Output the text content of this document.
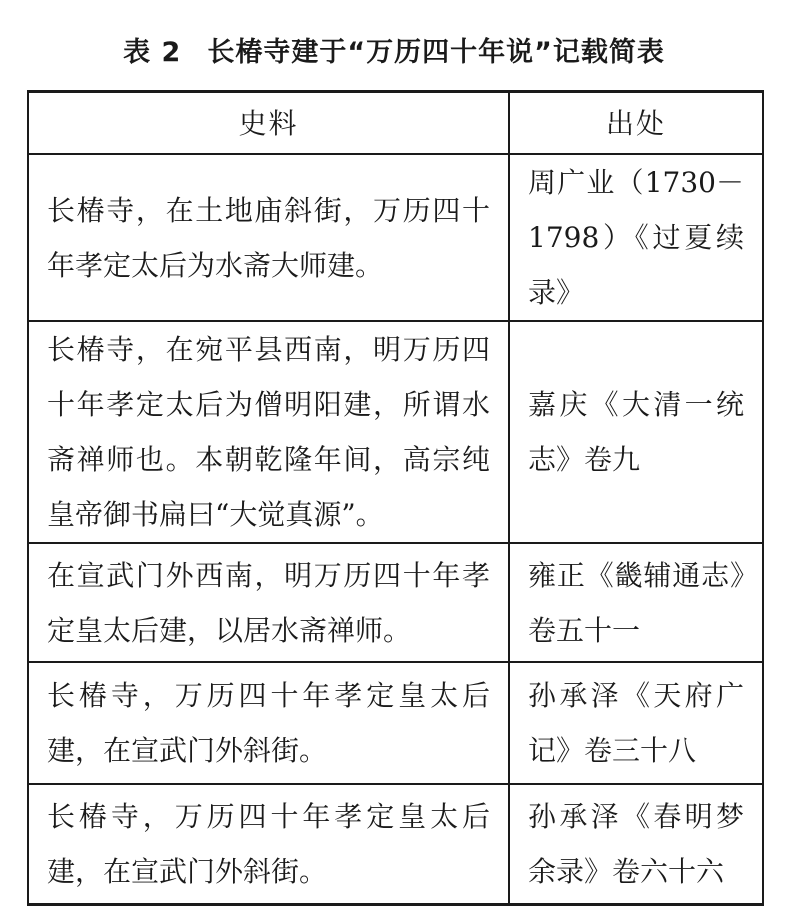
表 2 长椿寺建于“万历四十年说”记载简表
史料	出处
长椿寺，在土地庙斜街，万历四十年孝定太后为水斋大师建。	周广业（1730－1798）《过夏续录》
长椿寺，在宛平县西南，明万历四十年孝定太后为僧明阳建，所谓水斋禅师也。本朝乾隆年间，高宗纯皇帝御书扁曰“大觉真源”。	嘉庆《大清一统志》卷九
在宣武门外西南，明万历四十年孝定皇太后建，以居水斋禅师。	雍正《畿辅通志》卷五十一
长椿寺，万历四十年孝定皇太后建，在宣武门外斜街。	孙承泽《天府广记》卷三十八
长椿寺，万历四十年孝定皇太后建，在宣武门外斜街。	孙承泽《春明梦余录》卷六十六
